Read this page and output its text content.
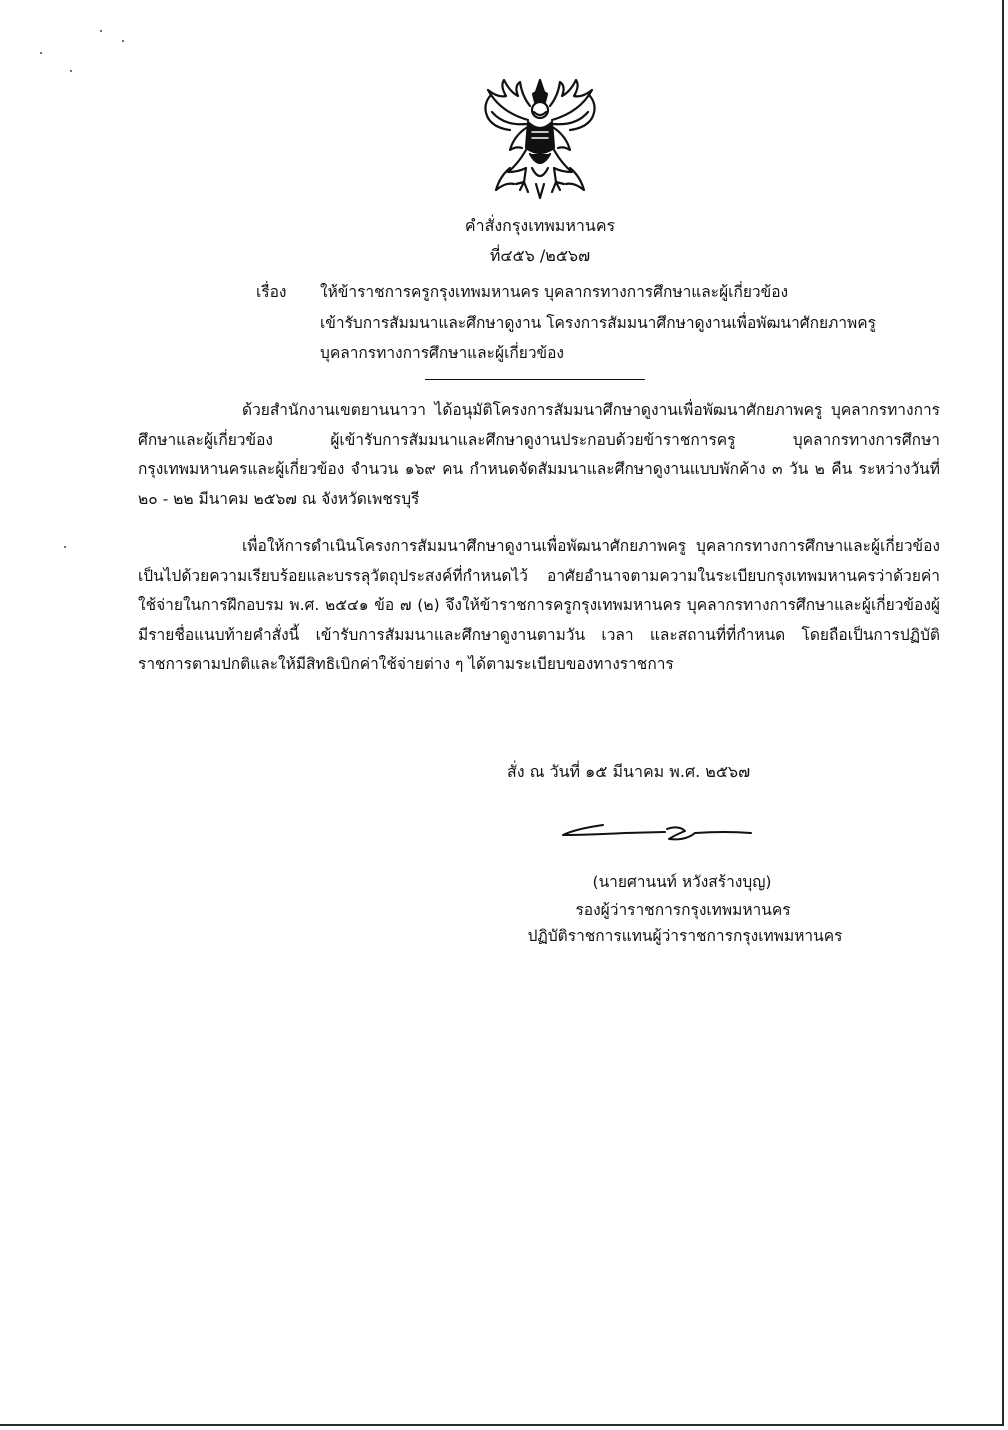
คำสั่งกรุงเทพมหานคร
ที่๔๕๖ /๒๕๖๗
เรื่อง ให้ข้าราชการครูกรุงเทพมหานคร บุคลากรทางการศึกษาและผู้เกี่ยวข้อง
เข้ารับการสัมมนาและศึกษาดูงาน โครงการสัมมนาศึกษาดูงานเพื่อพัฒนาศักยภาพครู
บุคลากรทางการศึกษาและผู้เกี่ยวข้อง

ด้วยสำนักงานเขตยานนาวา ได้อนุมัติโครงการสัมมนาศึกษาดูงานเพื่อพัฒนาศักยภาพครู บุคลากรทางการศึกษาและผู้เกี่ยวข้อง ผู้เข้ารับการสัมมนาและศึกษาดูงานประกอบด้วยข้าราชการครู บุคลากรทางการศึกษากรุงเทพมหานครและผู้เกี่ยวข้อง จำนวน ๑๖๙ คน กำหนดจัดสัมมนาและศึกษาดูงานแบบพักค้าง ๓ วัน ๒ คืน ระหว่างวันที่ ๒๐ - ๒๒ มีนาคม ๒๕๖๗ ณ จังหวัดเพชรบุรี

เพื่อให้การดำเนินโครงการสัมมนาศึกษาดูงานเพื่อพัฒนาศักยภาพครู บุคลากรทางการศึกษาและผู้เกี่ยวข้อง เป็นไปด้วยความเรียบร้อยและบรรลุวัตถุประสงค์ที่กำหนดไว้ อาศัยอำนาจตามความในระเบียบกรุงเทพมหานครว่าด้วยค่าใช้จ่ายในการฝึกอบรม พ.ศ. ๒๕๔๑ ข้อ ๗ (๒) จึงให้ข้าราชการครูกรุงเทพมหานคร บุคลากรทางการศึกษาและผู้เกี่ยวข้องผู้มีรายชื่อแนบท้ายคำสั่งนี้ เข้ารับการสัมมนาและศึกษาดูงานตามวัน เวลา และสถานที่ที่กำหนด โดยถือเป็นการปฏิบัติราชการตามปกติและให้มีสิทธิเบิกค่าใช้จ่ายต่าง ๆ ได้ตามระเบียบของทางราชการ

สั่ง ณ วันที่ ๑๕ มีนาคม พ.ศ. ๒๕๖๗
(นายศานนท์ หวังสร้างบุญ)
รองผู้ว่าราชการกรุงเทพมหานคร
ปฏิบัติราชการแทนผู้ว่าราชการกรุงเทพมหานคร
